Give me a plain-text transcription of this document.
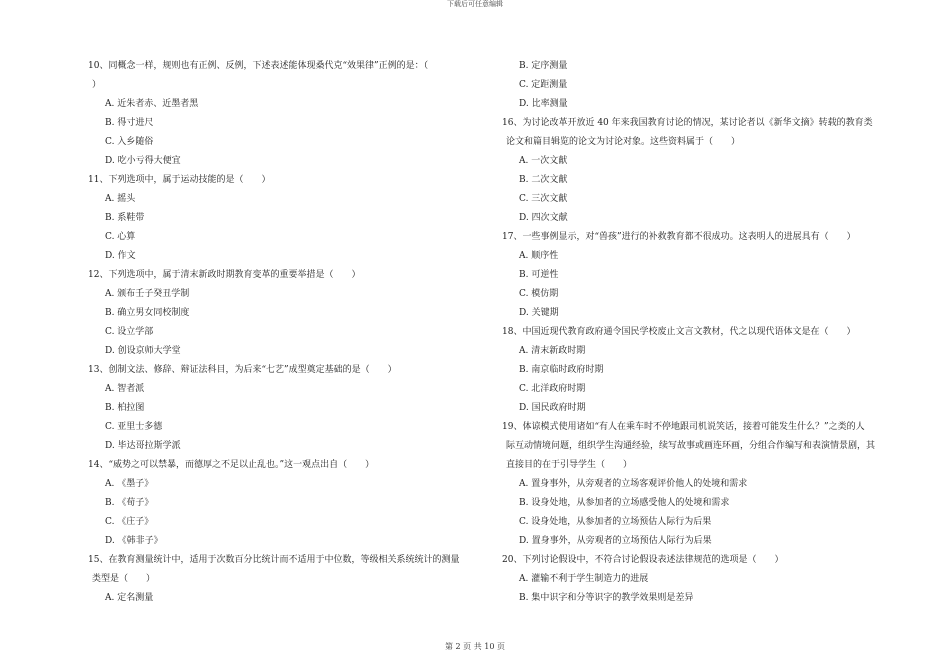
下载后可任意编辑
10、同概念一样，规则也有正例、反例，下述表述能体现桑代克“效果律”正例的是：（
）
A. 近朱者赤、近墨者黑
B. 得寸进尺
C. 入乡随俗
D. 吃小亏得大便宜
11、下列选项中，属于运动技能的是（　　）
A. 摇头
B. 系鞋带
C. 心算
D. 作文
12、下列选项中，属于清末新政时期教育变革的重要举措是（　　）
A. 颁布壬子癸丑学制
B. 确立男女同校制度
C. 设立学部
D. 创设京师大学堂
13、创制文法、修辞、辩证法科目，为后来“七艺”成型奠定基础的是（　　）
A. 智者派
B. 柏拉图
C. 亚里士多德
D. 毕达哥拉斯学派
14、“威势之可以禁暴，而德厚之不足以止乱也。”这一观点出自（　　）
A. 《墨子》
B. 《荀子》
C. 《庄子》
D. 《韩非子》
15、在教育测量统计中，适用于次数百分比统计而不适用于中位数，等级相关系统统计的测量
类型是（　　）
A. 定名测量
B. 定序测量
C. 定距测量
D. 比率测量
16、为讨论改革开放近 40 年来我国教育讨论的情况，某讨论者以《新华文摘》转载的教育类
论文和篇目辑览的论文为讨论对象。这些资料属于（　　）
A. 一次文献
B. 二次文献
C. 三次文献
D. 四次文献
17、一些事例显示，对“兽孩”进行的补救教育都不很成功。这表明人的进展具有（　　）
A. 顺序性
B. 可逆性
C. 模仿期
D. 关键期
18、中国近现代教育政府通令国民学校废止文言文教材，代之以现代语体文是在（　　）
A. 清末新政时期
B. 南京临时政府时期
C. 北洋政府时期
D. 国民政府时期
19、体谅模式使用诸如“有人在乘车时不停地跟司机说笑话，接着可能发生什么？”之类的人
际互动情境问题，组织学生沟通经验，续写故事或画连环画，分组合作编写和表演情景剧，其
直接目的在于引导学生（　　）
A. 置身事外，从旁观者的立场客观评价他人的处境和需求
B. 设身处地，从参加者的立场感受他人的处境和需求
C. 设身处地，从参加者的立场预估人际行为后果
D. 置身事外，从旁观者的立场预估人际行为后果
20、下列讨论假设中，不符合讨论假设表述法律规范的选项是（　　）
A. 灌输不利于学生制造力的进展
B. 集中识字和分等识字的教学效果则是差异
第 2 页 共 10 页
